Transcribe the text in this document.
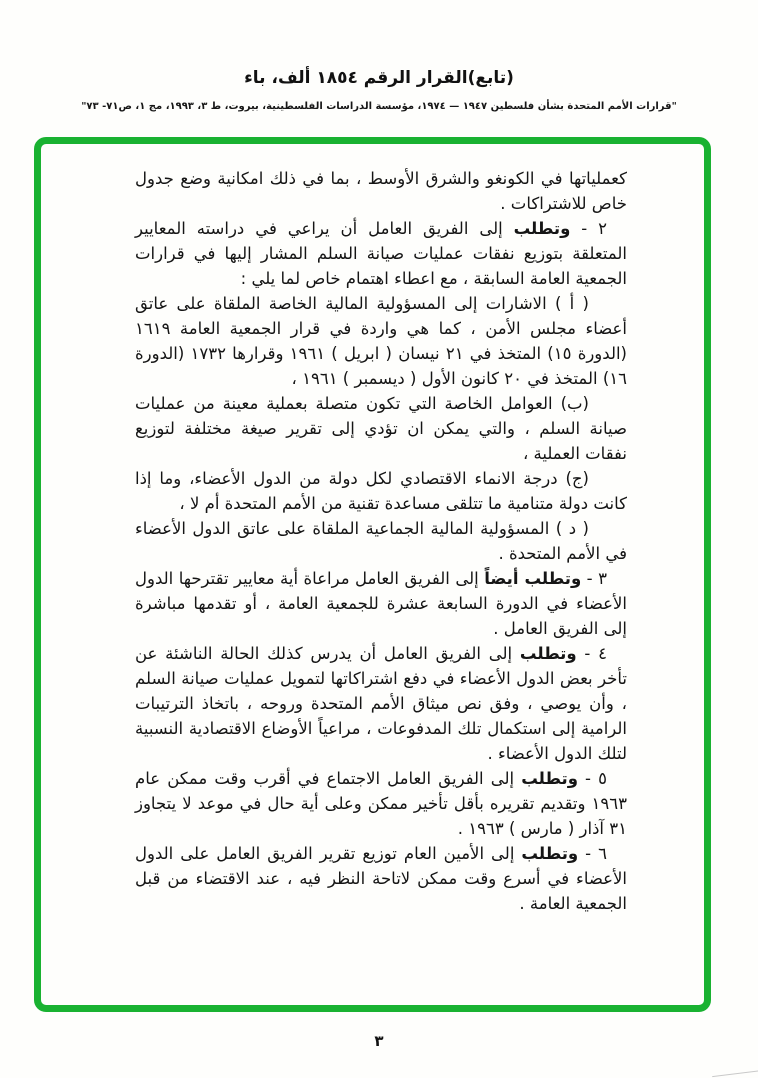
(تابع)القرار الرقم ١٨٥٤ ألف، باء
"قرارات الأمم المتحدة بشأن فلسطين ١٩٤٧ — ١٩٧٤، مؤسسة الدراسات الفلسطينية، بيروت، ط ٣، ١٩٩٣، مج ١، ص٧١- ٧٣"

كعملياتها في الكونغو والشرق الأوسط ، بما في ذلك امكانية وضع جدول خاص للاشتراكات .

٢ - وتطلب إلى الفريق العامل أن يراعي في دراسته المعايير المتعلقة بتوزيع نفقات عمليات صيانة السلم المشار إليها في قرارات الجمعية العامة السابقة ، مع اعطاء اهتمام خاص لما يلي :

( أ ) الاشارات إلى المسؤولية المالية الخاصة الملقاة على عاتق أعضاء مجلس الأمن ، كما هي واردة في قرار الجمعية العامة ١٦١٩ (الدورة ١٥) المتخذ في ٢١ نيسان ( ابريل ) ١٩٦١ وقرارها ١٧٣٢ (الدورة ١٦) المتخذ في ٢٠ كانون الأول ( ديسمبر ) ١٩٦١ ،

(ب) العوامل الخاصة التي تكون متصلة بعملية معينة من عمليات صيانة السلم ، والتي يمكن ان تؤدي إلى تقرير صيغة مختلفة لتوزيع نفقات العملية ،

(ج) درجة الانماء الاقتصادي لكل دولة من الدول الأعضاء، وما إذا كانت دولة متنامية ما تتلقى مساعدة تقنية من الأمم المتحدة أم لا ،

( د ) المسؤولية المالية الجماعية الملقاة على عاتق الدول الأعضاء في الأمم المتحدة .

٣ - وتطلب أيضاً إلى الفريق العامل مراعاة أية معايير تقترحها الدول الأعضاء في الدورة السابعة عشرة للجمعية العامة ، أو تقدمها مباشرة إلى الفريق العامل .

٤ - وتطلب إلى الفريق العامل أن يدرس كذلك الحالة الناشئة عن تأخر بعض الدول الأعضاء في دفع اشتراكاتها لتمويل عمليات صيانة السلم ، وأن يوصي ، وفق نص ميثاق الأمم المتحدة وروحه ، باتخاذ الترتيبات الرامية إلى استكمال تلك المدفوعات ، مراعياً الأوضاع الاقتصادية النسبية لتلك الدول الأعضاء .

٥ - وتطلب إلى الفريق العامل الاجتماع في أقرب وقت ممكن عام ١٩٦٣ وتقديم تقريره بأقل تأخير ممكن وعلى أية حال في موعد لا يتجاوز ٣١ آذار ( مارس ) ١٩٦٣ .

٦ - وتطلب إلى الأمين العام توزيع تقرير الفريق العامل على الدول الأعضاء في أسرع وقت ممكن لاتاحة النظر فيه ، عند الاقتضاء من قبل الجمعية العامة .

٣
